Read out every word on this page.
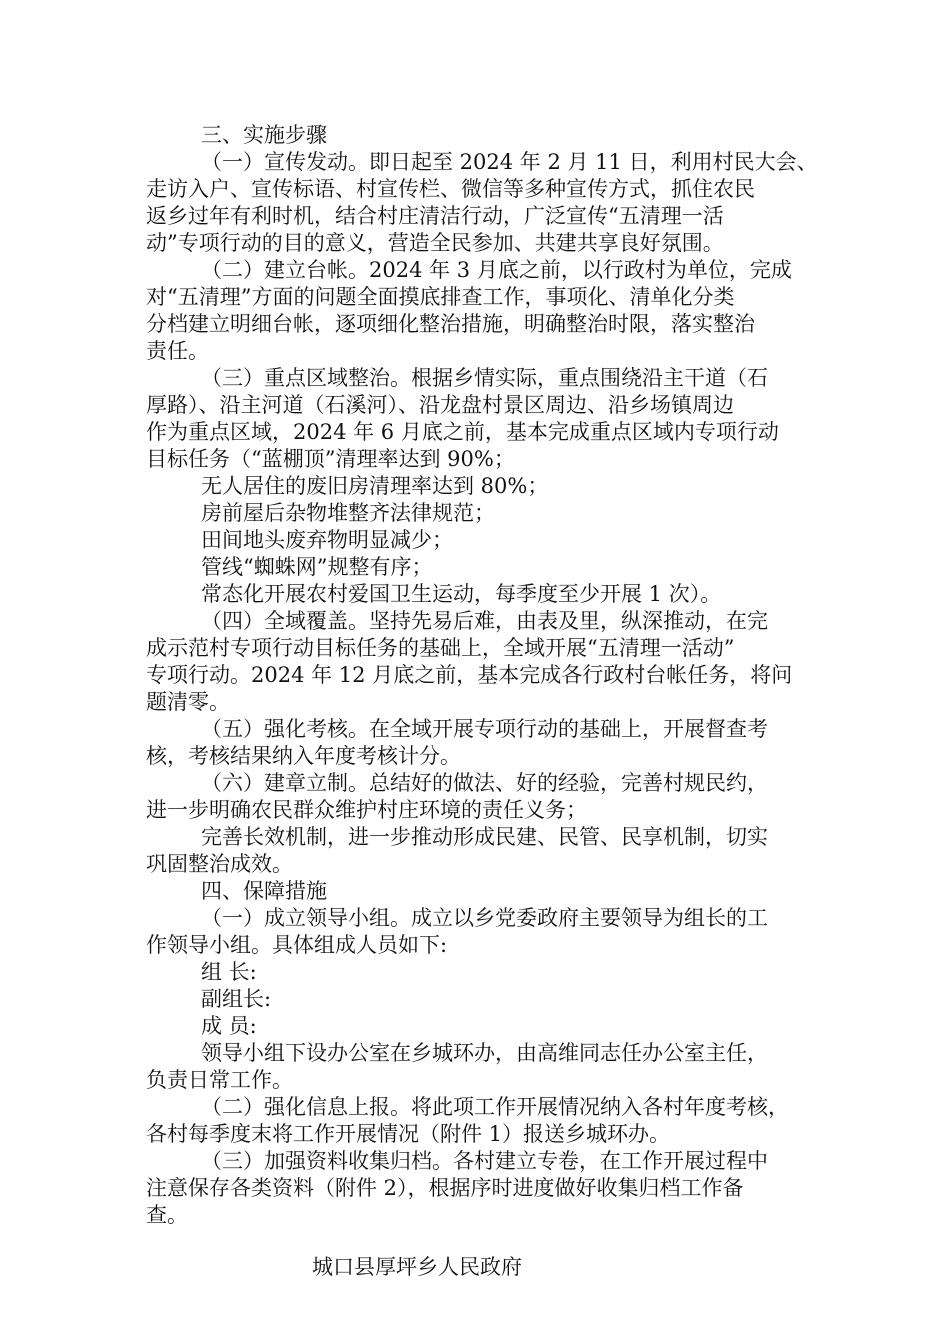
三、实施步骤
（一）宣传发动。即日起至 2024 年 2 月 11 日，利用村民大会、
走访入户、宣传标语、村宣传栏、微信等多种宣传方式，抓住农民
返乡过年有利时机，结合村庄清洁行动，广泛宣传“五清理一活
动”专项行动的目的意义，营造全民参加、共建共享良好氛围。
（二）建立台帐。2024 年 3 月底之前，以行政村为单位，完成
对“五清理”方面的问题全面摸底排查工作，事项化、清单化分类
分档建立明细台帐，逐项细化整治措施，明确整治时限，落实整治
责任。
（三）重点区域整治。根据乡情实际，重点围绕沿主干道（石
厚路）、沿主河道（石溪河）、沿龙盘村景区周边、沿乡场镇周边
作为重点区域，2024 年 6 月底之前，基本完成重点区域内专项行动
目标任务（“蓝棚顶”清理率达到 90%；
无人居住的废旧房清理率达到 80%；
房前屋后杂物堆整齐法律规范；
田间地头废弃物明显减少；
管线“蜘蛛网”规整有序；
常态化开展农村爱国卫生运动，每季度至少开展 1 次）。
（四）全域覆盖。坚持先易后难，由表及里，纵深推动，在完
成示范村专项行动目标任务的基础上，全域开展“五清理一活动”
专项行动。2024 年 12 月底之前，基本完成各行政村台帐任务，将问
题清零。
（五）强化考核。在全域开展专项行动的基础上，开展督查考
核，考核结果纳入年度考核计分。
（六）建章立制。总结好的做法、好的经验，完善村规民约，
进一步明确农民群众维护村庄环境的责任义务；
完善长效机制，进一步推动形成民建、民管、民享机制，切实
巩固整治成效。
四、保障措施
（一）成立领导小组。成立以乡党委政府主要领导为组长的工
作领导小组。具体组成人员如下:
组 长:
副组长:
成 员:
领导小组下设办公室在乡城环办，由高维同志任办公室主任，
负责日常工作。
（二）强化信息上报。将此项工作开展情况纳入各村年度考核，
各村每季度末将工作开展情况（附件 1）报送乡城环办。
（三）加强资料收集归档。各村建立专卷，在工作开展过程中
注意保存各类资料（附件 2），根据序时进度做好收集归档工作备
查。
城口县厚坪乡人民政府
